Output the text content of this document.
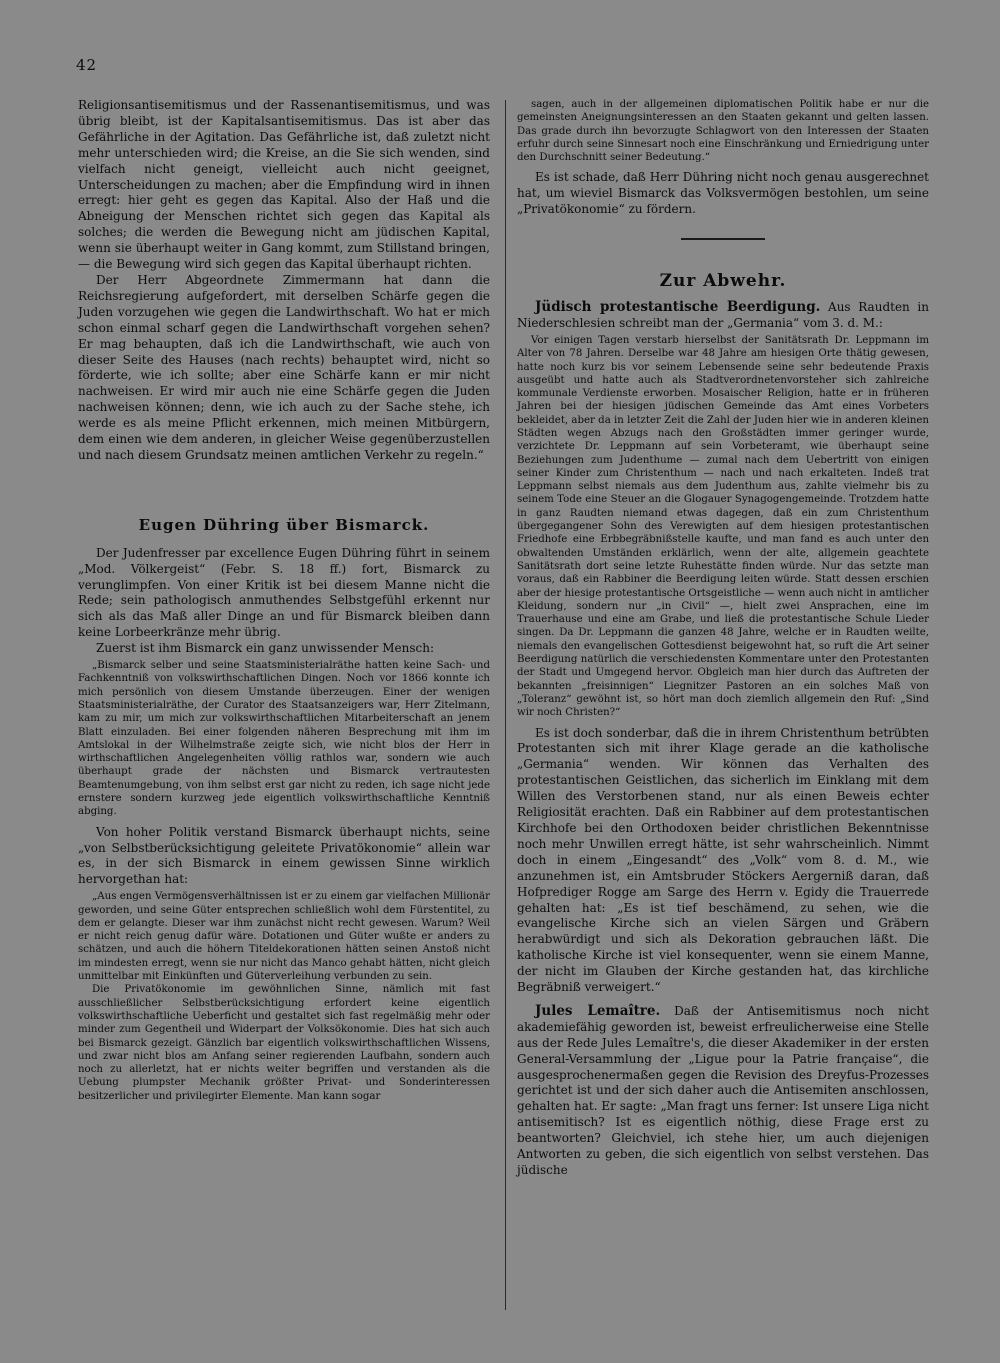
42

Religionsantisemitismus und der Rassenantisemitismus, und was übrig bleibt, ist der Kapitalsantisemitismus. Das ist aber das Gefährliche in der Agitation. Das Gefährliche ist, daß zuletzt nicht mehr unterschieden wird; die Kreise, an die Sie sich wenden, sind vielfach nicht geneigt, vielleicht auch nicht geeignet, Unterscheidungen zu machen; aber die Empfindung wird in ihnen erregt: hier geht es gegen das Kapital. Also der Haß und die Abneigung der Menschen richtet sich gegen das Kapital als solches; die werden die Bewegung nicht am jüdischen Kapital, wenn sie überhaupt weiter in Gang kommt, zum Stillstand bringen, — die Bewegung wird sich gegen das Kapital überhaupt richten.

Der Herr Abgeordnete Zimmermann hat dann die Reichsregierung aufgefordert, mit derselben Schärfe gegen die Juden vorzugehen wie gegen die Landwirthschaft. Wo hat er mich schon einmal scharf gegen die Landwirthschaft vorgehen sehen? Er mag behaupten, daß ich die Landwirthschaft, wie auch von dieser Seite des Hauses (nach rechts) behauptet wird, nicht so förderte, wie ich sollte; aber eine Schärfe kann er mir nicht nachweisen. Er wird mir auch nie eine Schärfe gegen die Juden nachweisen können; denn, wie ich auch zu der Sache stehe, ich werde es als meine Pflicht erkennen, mich meinen Mitbürgern, dem einen wie dem anderen, in gleicher Weise gegenüberzustellen und nach diesem Grundsatz meinen amtlichen Verkehr zu regeln.“

Eugen Dühring über Bismarck.

Der Judenfresser par excellence Eugen Dühring führt in seinem „Mod. Völkergeist“ (Febr. S. 18 ff.) fort, Bismarck zu verunglimpfen. Von einer Kritik ist bei diesem Manne nicht die Rede; sein pathologisch anmuthendes Selbstgefühl erkennt nur sich als das Maß aller Dinge an und für Bismarck bleiben dann keine Lorbeerkränze mehr übrig.

Zuerst ist ihm Bismarck ein ganz unwissender Mensch:

„Bismarck selber und seine Staatsministerialräthe hatten keine Sach- und Fachkenntniß von volkswirthschaftlichen Dingen. Noch vor 1866 konnte ich mich persönlich von diesem Umstande überzeugen. Einer der wenigen Staatsministerialräthe, der Curator des Staatsanzeigers war, Herr Zitelmann, kam zu mir, um mich zur volkswirthschaftlichen Mitarbeiterschaft an jenem Blatt einzuladen. Bei einer folgenden näheren Besprechung mit ihm im Amtslokal in der Wilhelmstraße zeigte sich, wie nicht blos der Herr in wirthschaftlichen Angelegenheiten völlig rathlos war, sondern wie auch überhaupt grade der nächsten und Bismarck vertrautesten Beamtenumgebung, von ihm selbst erst gar nicht zu reden, ich sage nicht jede ernstere sondern kurzweg jede eigentlich volkswirthschaftliche Kenntniß abging.

Von hoher Politik verstand Bismarck überhaupt nichts, seine „von Selbstberücksichtigung geleitete Privatökonomie“ allein war es, in der sich Bismarck in einem gewissen Sinne wirklich hervorgethan hat:

„Aus engen Vermögensverhältnissen ist er zu einem gar vielfachen Millionär geworden, und seine Güter entsprechen schließlich wohl dem Fürstentitel, zu dem er gelangte. Dieser war ihm zunächst nicht recht gewesen. Warum? Weil er nicht reich genug dafür wäre. Dotationen und Güter wußte er anders zu schätzen, und auch die höhern Titeldekorationen hätten seinen Anstoß nicht im mindesten erregt, wenn sie nur nicht das Manco gehabt hätten, nicht gleich unmittelbar mit Einkünften und Güterverleihung verbunden zu sein.

Die Privatökonomie im gewöhnlichen Sinne, nämlich mit fast ausschließlicher Selbstberücksichtigung erfordert keine eigentlich volkswirthschaftliche Ueberficht und gestaltet sich fast regelmäßig mehr oder minder zum Gegentheil und Widerpart der Volksökonomie. Dies hat sich auch bei Bismarck gezeigt. Gänzlich bar eigentlich volkswirthschaftlichen Wissens, und zwar nicht blos am Anfang seiner regierenden Laufbahn, sondern auch noch zu allerletzt, hat er nichts weiter begriffen und verstanden als die Uebung plumpster Mechanik größter Privat- und Sonderinteressen besitzerlicher und privilegirter Elemente. Man kann sogar

sagen, auch in der allgemeinen diplomatischen Politik habe er nur die gemeinsten Aneignungsinteressen an den Staaten gekannt und gelten lassen. Das grade durch ihn bevorzugte Schlagwort von den Interessen der Staaten erfuhr durch seine Sinnesart noch eine Einschränkung und Erniedrigung unter den Durchschnitt seiner Bedeutung.“

Es ist schade, daß Herr Dühring nicht noch genau ausgerechnet hat, um wieviel Bismarck das Volksvermögen bestohlen, um seine „Privatökonomie“ zu fördern.

Zur Abwehr.

Jüdisch protestantische Beerdigung. Aus Raudten in Niederschlesien schreibt man der „Germania“ vom 3. d. M.:

Vor einigen Tagen verstarb hierselbst der Sanitätsrath Dr. Leppmann im Alter von 78 Jahren. Derselbe war 48 Jahre am hiesigen Orte thätig gewesen, hatte noch kurz bis vor seinem Lebensende seine sehr bedeutende Praxis ausgeübt und hatte auch als Stadtverordnetenvorsteher sich zahlreiche kommunale Verdienste erworben. Mosaischer Religion, hatte er in früheren Jahren bei der hiesigen jüdischen Gemeinde das Amt eines Vorbeters bekleidet, aber da in letzter Zeit die Zahl der Juden hier wie in anderen kleinen Städten wegen Abzugs nach den Großstädten immer geringer wurde, verzichtete Dr. Leppmann auf sein Vorbeteramt, wie überhaupt seine Beziehungen zum Judenthume — zumal nach dem Uebertritt von einigen seiner Kinder zum Christenthum — nach und nach erkalteten. Indeß trat Leppmann selbst niemals aus dem Judenthum aus, zahlte vielmehr bis zu seinem Tode eine Steuer an die Glogauer Synagogengemeinde. Trotzdem hatte in ganz Raudten niemand etwas dagegen, daß ein zum Christenthum übergegangener Sohn des Verewigten auf dem hiesigen protestantischen Friedhofe eine Erbbegräbnißstelle kaufte, und man fand es auch unter den obwaltenden Umständen erklärlich, wenn der alte, allgemein geachtete Sanitätsrath dort seine letzte Ruhestätte finden würde. Nur das setzte man voraus, daß ein Rabbiner die Beerdigung leiten würde. Statt dessen erschien aber der hiesige protestantische Ortsgeistliche — wenn auch nicht in amtlicher Kleidung, sondern nur „in Civil“ —, hielt zwei Ansprachen, eine im Trauerhause und eine am Grabe, und ließ die protestantische Schule Lieder singen. Da Dr. Leppmann die ganzen 48 Jahre, welche er in Raudten weilte, niemals den evangelischen Gottesdienst beigewohnt hat, so ruft die Art seiner Beerdigung natürlich die verschiedensten Kommentare unter den Protestanten der Stadt und Umgegend hervor. Obgleich man hier durch das Auftreten der bekannten „freisinnigen“ Liegnitzer Pastoren an ein solches Maß von „Toleranz“ gewöhnt ist, so hört man doch ziemlich allgemein den Ruf: „Sind wir noch Christen?“

Es ist doch sonderbar, daß die in ihrem Christenthum betrübten Protestanten sich mit ihrer Klage gerade an die katholische „Germania“ wenden. Wir können das Verhalten des protestantischen Geistlichen, das sicherlich im Einklang mit dem Willen des Verstorbenen stand, nur als einen Beweis echter Religiosität erachten. Daß ein Rabbiner auf dem protestantischen Kirchhofe bei den Orthodoxen beider christlichen Bekenntnisse noch mehr Unwillen erregt hätte, ist sehr wahrscheinlich. Nimmt doch in einem „Eingesandt“ des „Volk“ vom 8. d. M., wie anzunehmen ist, ein Amtsbruder Stöckers Aergerniß daran, daß Hofprediger Rogge am Sarge des Herrn v. Egidy die Trauerrede gehalten hat: „Es ist tief beschämend, zu sehen, wie die evangelische Kirche sich an vielen Särgen und Gräbern herabwürdigt und sich als Dekoration gebrauchen läßt. Die katholische Kirche ist viel konsequenter, wenn sie einem Manne, der nicht im Glauben der Kirche gestanden hat, das kirchliche Begräbniß verweigert.“

Jules Lemaître. Daß der Antisemitismus noch nicht akademiefähig geworden ist, beweist erfreulicherweise eine Stelle aus der Rede Jules Lemaître's, die dieser Akademiker in der ersten General-Versammlung der „Ligue pour la Patrie française“, die ausgesprochenermaßen gegen die Revision des Dreyfus-Prozesses gerichtet ist und der sich daher auch die Antisemiten anschlossen, gehalten hat. Er sagte: „Man fragt uns ferner: Ist unsere Liga nicht antisemitisch? Ist es eigentlich nöthig, diese Frage erst zu beantworten? Gleichviel, ich stehe hier, um auch diejenigen Antworten zu geben, die sich eigentlich von selbst verstehen. Das jüdische
